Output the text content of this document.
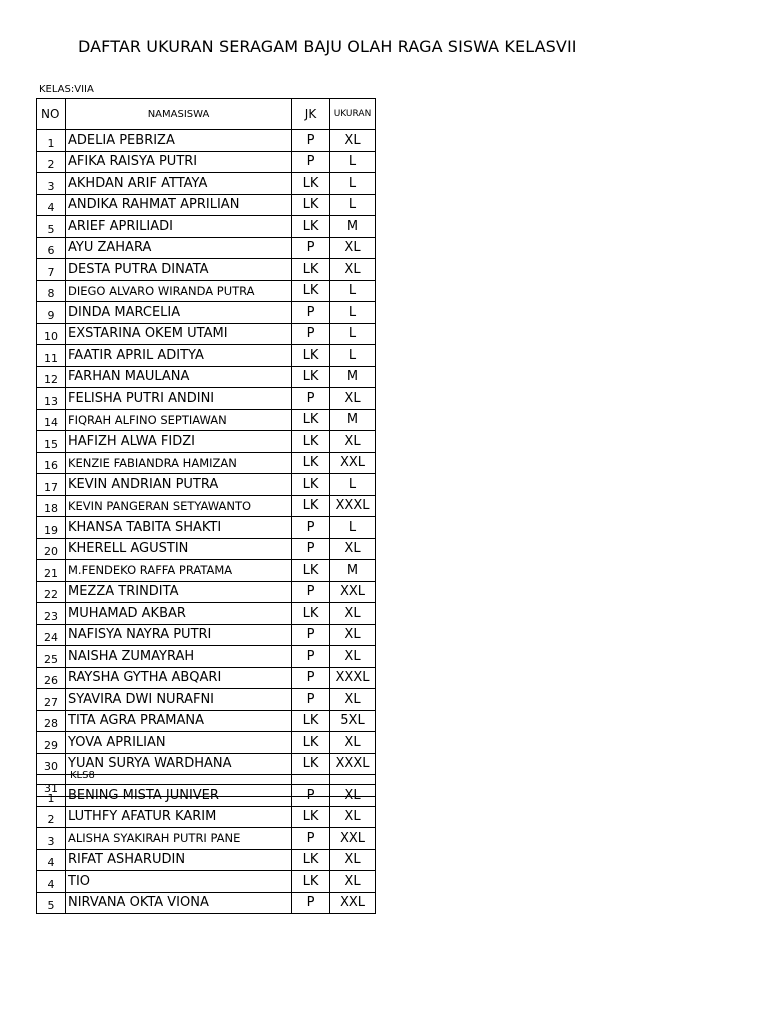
DAFTAR UKURAN SERAGAM BAJU OLAH RAGA SISWA KELASVII
KELAS:VIIA
NO	NAMASISWA	JK	UKURAN
1	ADELIA PEBRIZA	P	XL
2	AFIKA RAISYA PUTRI	P	L
3	AKHDAN ARIF ATTAYA	LK	L
4	ANDIKA RAHMAT APRILIAN	LK	L
5	ARIEF APRILIADI	LK	M
6	AYU ZAHARA	P	XL
7	DESTA PUTRA DINATA	LK	XL
8	DIEGO ALVARO WIRANDA PUTRA	LK	L
9	DINDA MARCELIA	P	L
10	EXSTARINA OKEM UTAMI	P	L
11	FAATIR APRIL ADITYA	LK	L
12	FARHAN MAULANA	LK	M
13	FELISHA PUTRI ANDINI	P	XL
14	FIQRAH ALFINO SEPTIAWAN	LK	M
15	HAFIZH ALWA FIDZI	LK	XL
16	KENZIE FABIANDRA HAMIZAN	LK	XXL
17	KEVIN ANDRIAN PUTRA	LK	L
18	KEVIN PANGERAN SETYAWANTO	LK	XXXL
19	KHANSA TABITA SHAKTI	P	L
20	KHERELL AGUSTIN	P	XL
21	M.FENDEKO RAFFA PRATAMA	LK	M
22	MEZZA TRINDITA	P	XXL
23	MUHAMAD AKBAR	LK	XL
24	NAFISYA NAYRA PUTRI	P	XL
25	NAISHA ZUMAYRAH	P	XL
26	RAYSHA GYTHA ABQARI	P	XXXL
27	SYAVIRA DWI NURAFNI	P	XL
28	TITA AGRA PRAMANA	LK	5XL
29	YOVA APRILIAN	LK	XL
30	YUAN SURYA WARDHANA	LK	XXXL
31			
KLS8
1	BENING MISTA JUNIVER	P	XL
2	LUTHFY AFATUR KARIM	LK	XL
3	ALISHA SYAKIRAH PUTRI PANE	P	XXL
4	RIFAT ASHARUDIN	LK	XL
4	TIO	LK	XL
5	NIRVANA OKTA VIONA	P	XXL
